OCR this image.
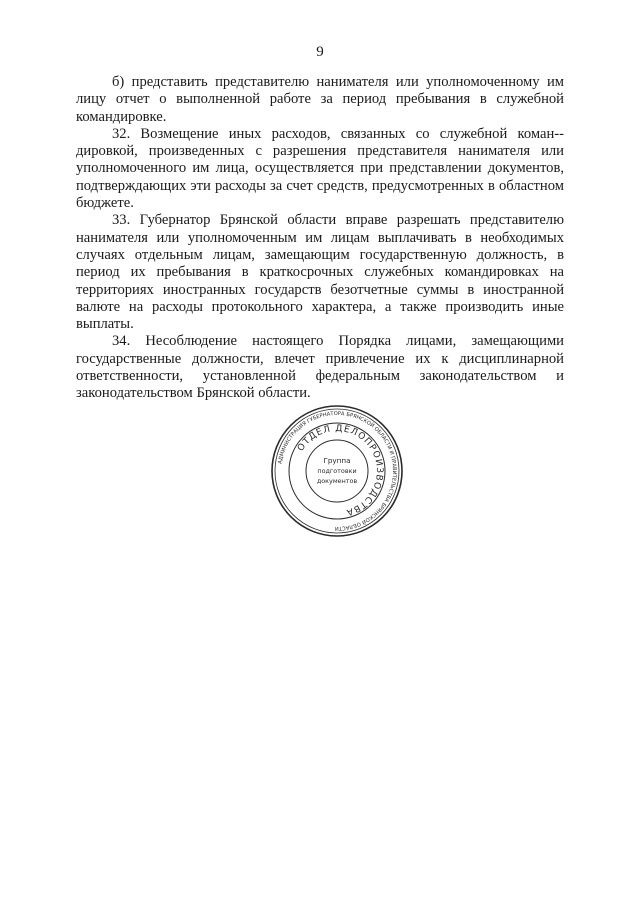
9

б) представить представителю нанимателя или уполномоченному им лицу отчет о выполненной работе за период пребывания в служебной командировке.

32. Возмещение иных расходов, связанных со служебной коман-дировкой, произведенных с разрешения представителя нанимателя или уполномоченного им лица, осуществляется при представлении документов, подтверждающих эти расходы за счет средств, предусмотренных в областном бюджете.

33. Губернатор Брянской области вправе разрешать представителю нанимателя или уполномоченным им лицам выплачивать в необходимых случаях отдельным лицам, замещающим государственную должность, в период их пребывания в краткосрочных служебных командировках на территориях иностранных государств безотчетные суммы в иностранной валюте на расходы протокольного характера, а также производить иные выплаты.

34. Несоблюдение настоящего Порядка лицами, замещающими государственные должности, влечет привлечение их к дисциплинарной ответственности, установленной федеральным законодательством и законодательством Брянской области.

АДМИНИСТРАЦИЯ ГУБЕРНАТОРА БРЯНСКОЙ ОБЛАСТИ И ПРАВИТЕЛЬСТВА БРЯНСКОЙ ОБЛАСТИ
ОТДЕЛ ДЕЛОПРОИЗВОДСТВА
Группа
подготовки
документов
